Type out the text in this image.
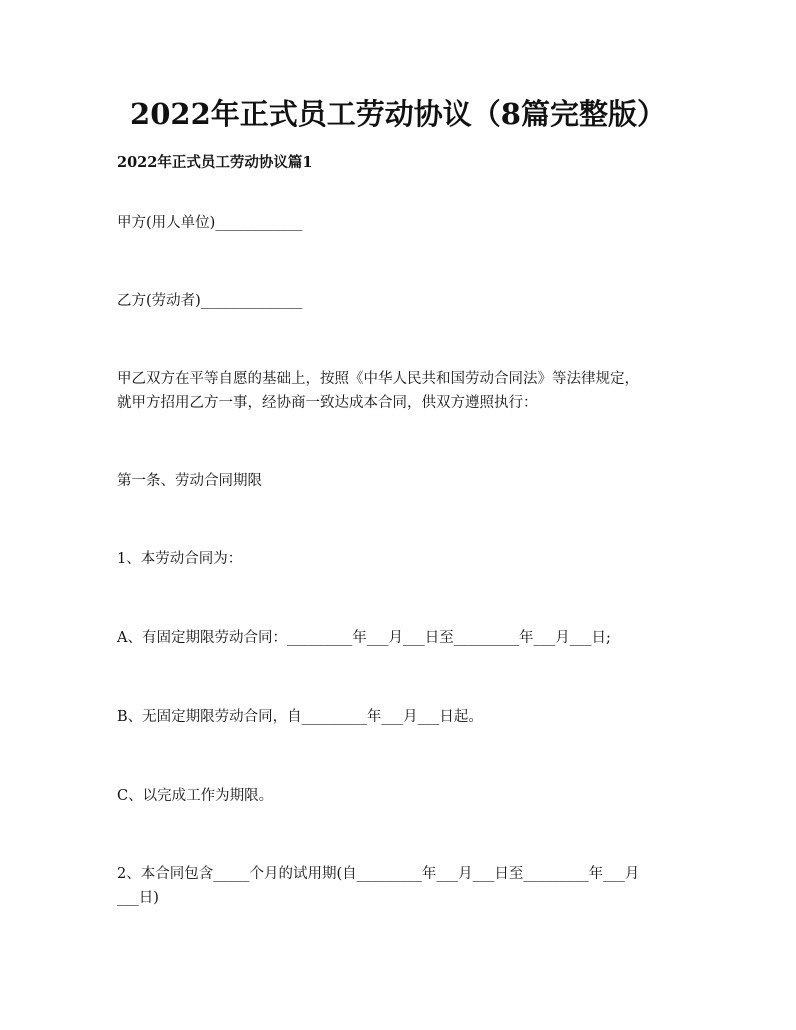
2022年正式员工劳动协议（8篇完整版）
2022年正式员工劳动协议篇1
甲方(用人单位)____________
乙方(劳动者)______________
甲乙双方在平等自愿的基础上，按照《中华人民共和国劳动合同法》等法律规定，
就甲方招用乙方一事，经协商一致达成本合同，供双方遵照执行：
第一条、劳动合同期限
1、本劳动合同为：
A、有固定期限劳动合同：_________年___月___日至_________年___月___日;
B、无固定期限劳动合同，自_________年___月___日起。
C、以完成工作为期限。
2、本合同包含_____个月的试用期(自_________年___月___日至_________年___月
___日)
